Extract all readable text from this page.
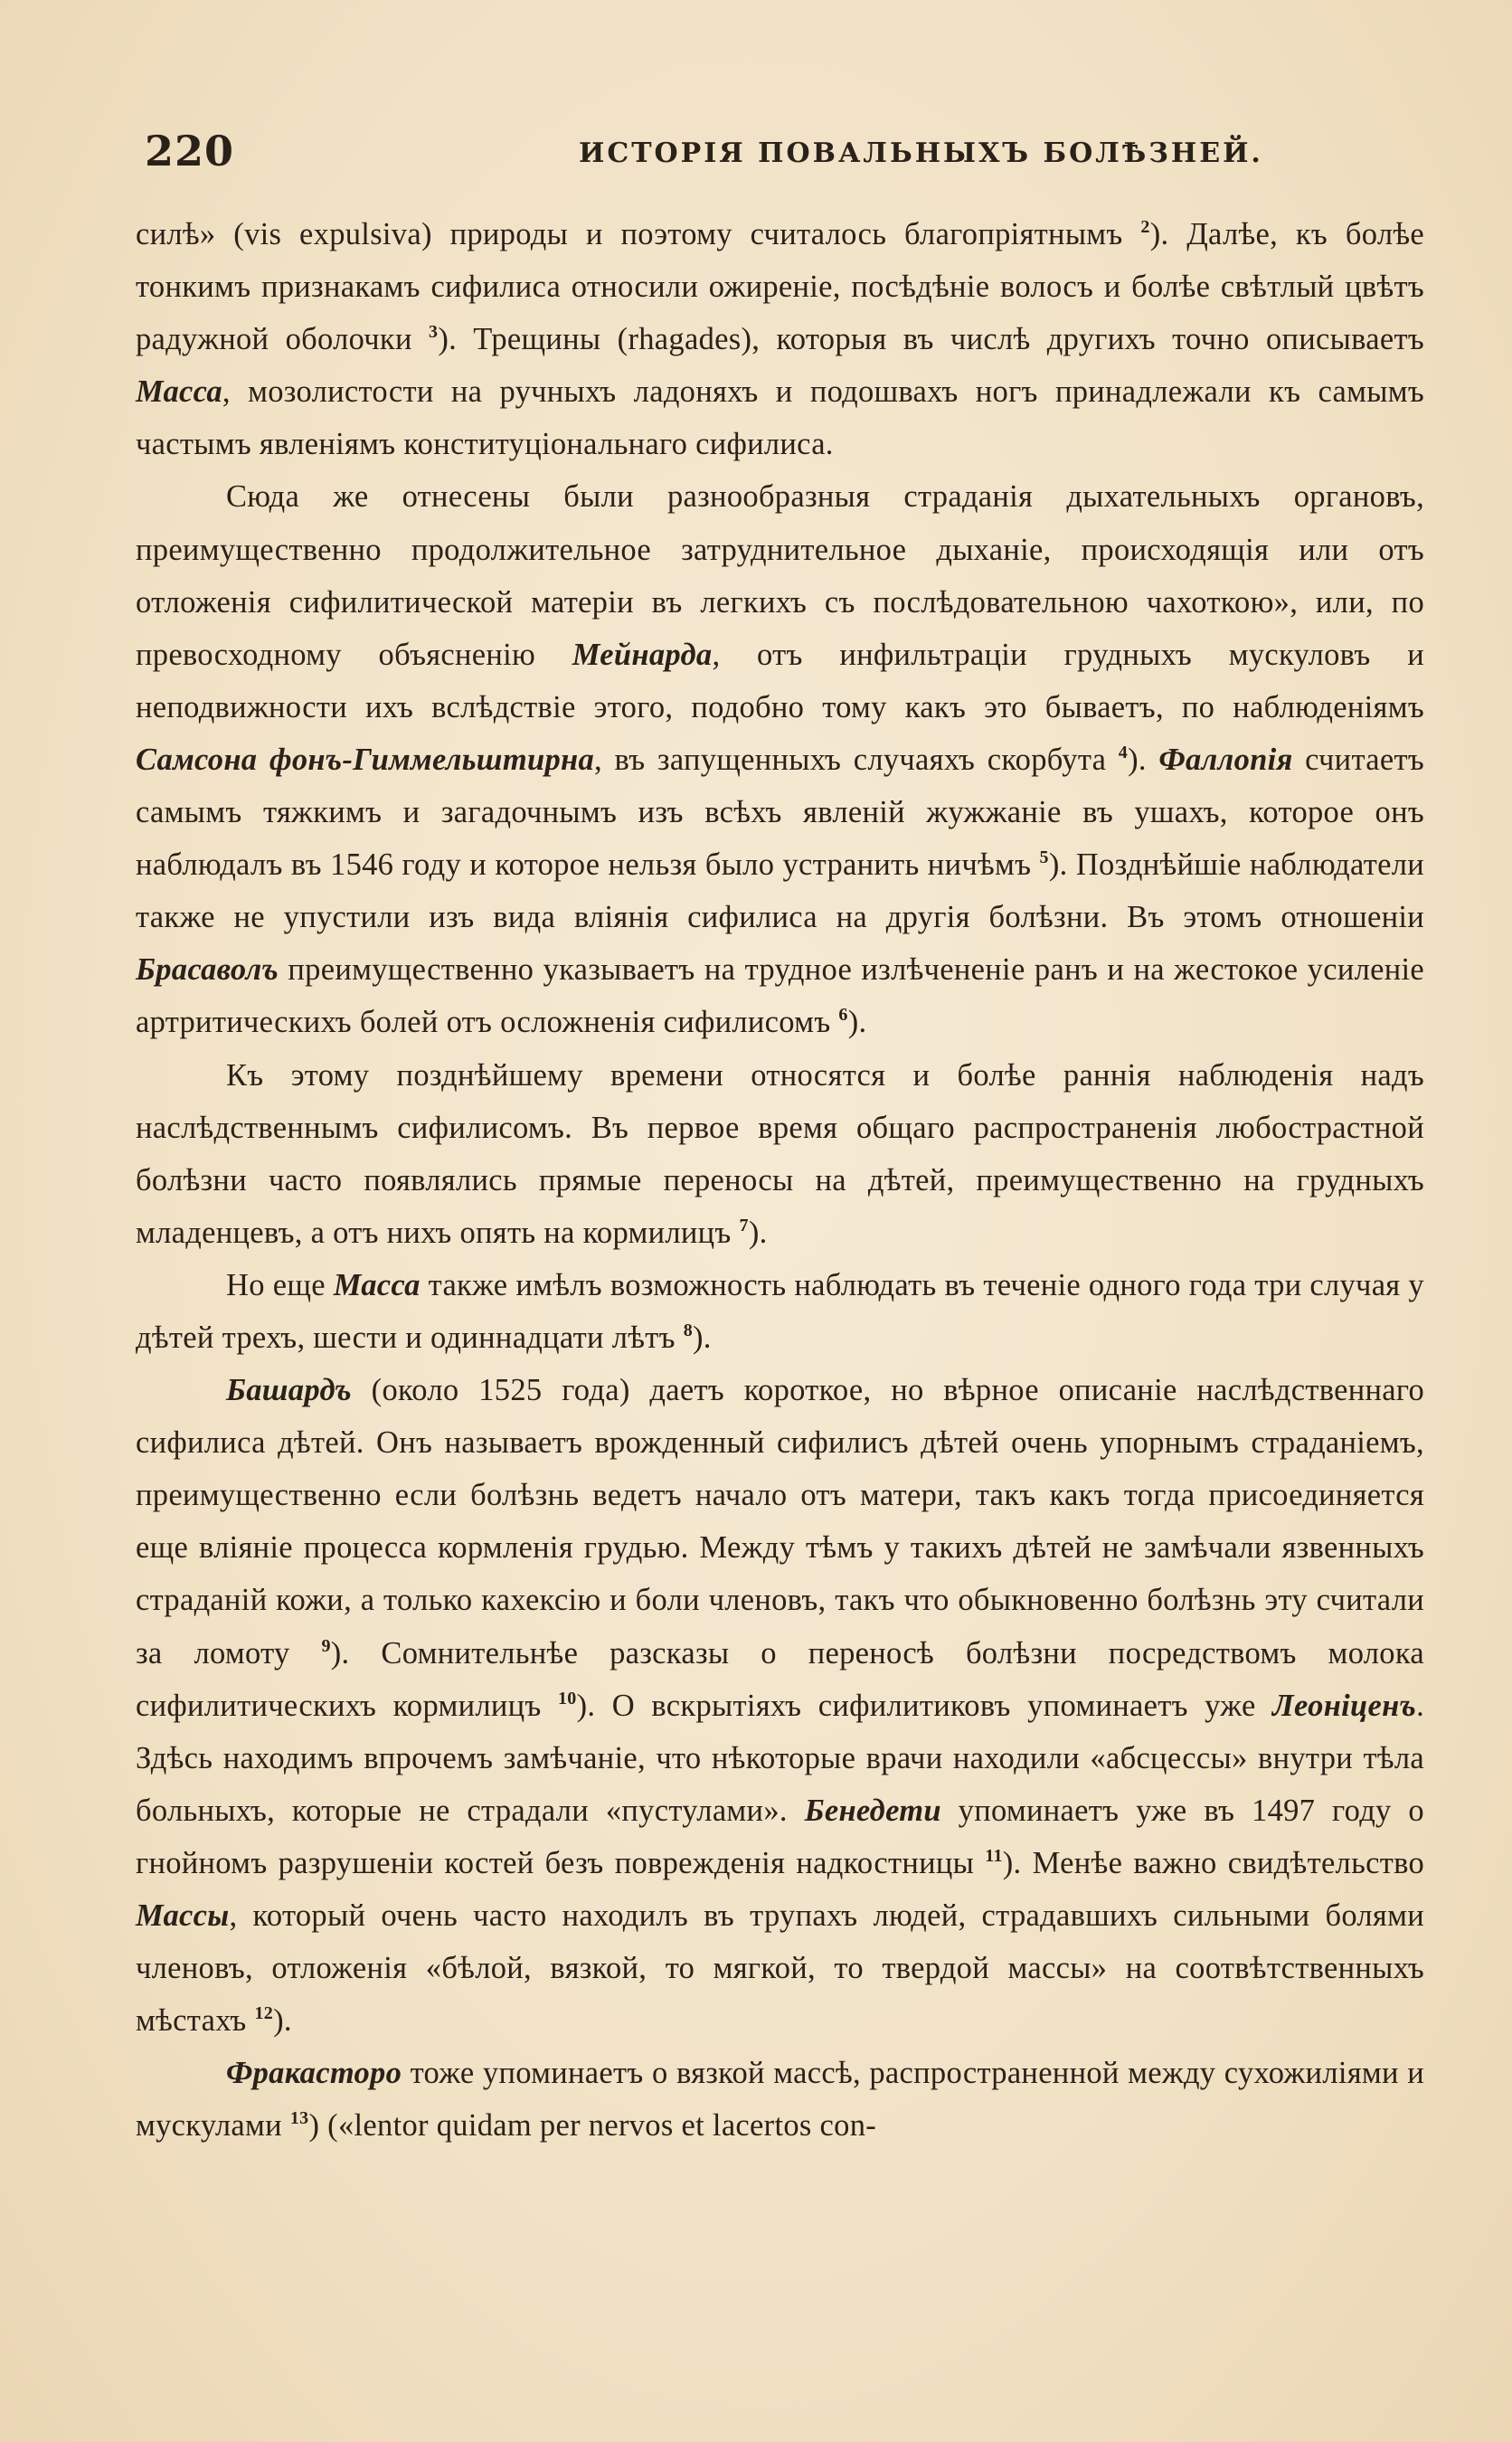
220	ИСТОРІЯ ПОВАЛЬНЫХЪ БОЛѢЗНЕЙ.

силѣ» (vis expulsiva) природы и поэтому считалось благопріятнымъ $^2$). Далѣе, къ болѣе тонкимъ признакамъ сифилиса относили ожиреніе, посѣдѣніе волосъ и болѣе свѣтлый цвѣтъ радужной оболочки $^3$). Трещины (rhagades), которыя въ числѣ другихъ точно описываетъ Масса, мозолистости на ручныхъ ладоняхъ и подошвахъ ногъ принадлежали къ самымъ частымъ явленіямъ конституціональнаго сифилиса.

Сюда же отнесены были разнообразныя страданія дыхательныхъ органовъ, преимущественно продолжительное затруднительное дыханіе, происходящія или отъ отложенія сифилитической матеріи въ легкихъ съ послѣдовательною чахоткою», или, по превосходному объясненію Мейнарда, отъ инфильтраціи грудныхъ мускуловъ и неподвижности ихъ вслѣдствіе этого, подобно тому какъ это бываетъ, по наблюденіямъ Самсона фонъ-Гиммельштирна, въ запущенныхъ случаяхъ скорбута $^4$). Фаллопія считаетъ самымъ тяжкимъ и загадочнымъ изъ всѣхъ явленій жужжаніе въ ушахъ, которое онъ наблюдалъ въ 1546 году и которое нельзя было устранить ничѣмъ $^5$). Позднѣйшіе наблюдатели также не упустили изъ вида вліянія сифилиса на другія болѣзни. Въ этомъ отношеніи Брасаволъ преимущественно указываетъ на трудное излѣчененіе ранъ и на жестокое усиленіе артритическихъ болей отъ осложненія сифилисомъ $^6$).

Къ этому позднѣйшему времени относятся и болѣе раннія наблюденія надъ наслѣдственнымъ сифилисомъ. Въ первое время общаго распространенія любострастной болѣзни часто появлялись прямые переносы на дѣтей, преимущественно на грудныхъ младенцевъ, а отъ нихъ опять на кормилицъ $^7$).

Но еще Масса также имѣлъ возможность наблюдать въ теченіе одного года три случая у дѣтей трехъ, шести и одиннадцати лѣтъ $^8$).

Башардъ (около 1525 года) даетъ короткое, но вѣрное описаніе наслѣдственнаго сифилиса дѣтей. Онъ называетъ врожденный сифилисъ дѣтей очень упорнымъ страданіемъ, преимущественно если болѣзнь ведетъ начало отъ матери, такъ какъ тогда присоединяется еще вліяніе процесса кормленія грудью. Между тѣмъ у такихъ дѣтей не замѣчали язвенныхъ страданій кожи, а только кахексію и боли членовъ, такъ что обыкновенно болѣзнь эту считали за ломоту $^9$). Сомнительнѣе разсказы о переносѣ болѣзни посредствомъ молока сифилитическихъ кормилицъ $^{10}$). О вскрытіяхъ сифилитиковъ упоминаетъ уже Леоніценъ. Здѣсь находимъ впрочемъ замѣчаніе, что нѣкоторые врачи находили «абсцессы» внутри тѣла больныхъ, которые не страдали «пустулами». Бенедети упоминаетъ уже въ 1497 году о гнойномъ разрушеніи костей безъ поврежденія надкостницы $^{11}$). Менѣе важно свидѣтельство Массы, который очень часто находилъ въ трупахъ людей, страдавшихъ сильными болями членовъ, отложенія «бѣлой, вязкой, то мягкой, то твердой массы» на соотвѣтственныхъ мѣстахъ $^{12}$).

Фракасторо тоже упоминаетъ о вязкой массѣ, распространенной между сухожиліями и мускулами $^{13}$) («lentor quidam per nervos et lacertos con-
